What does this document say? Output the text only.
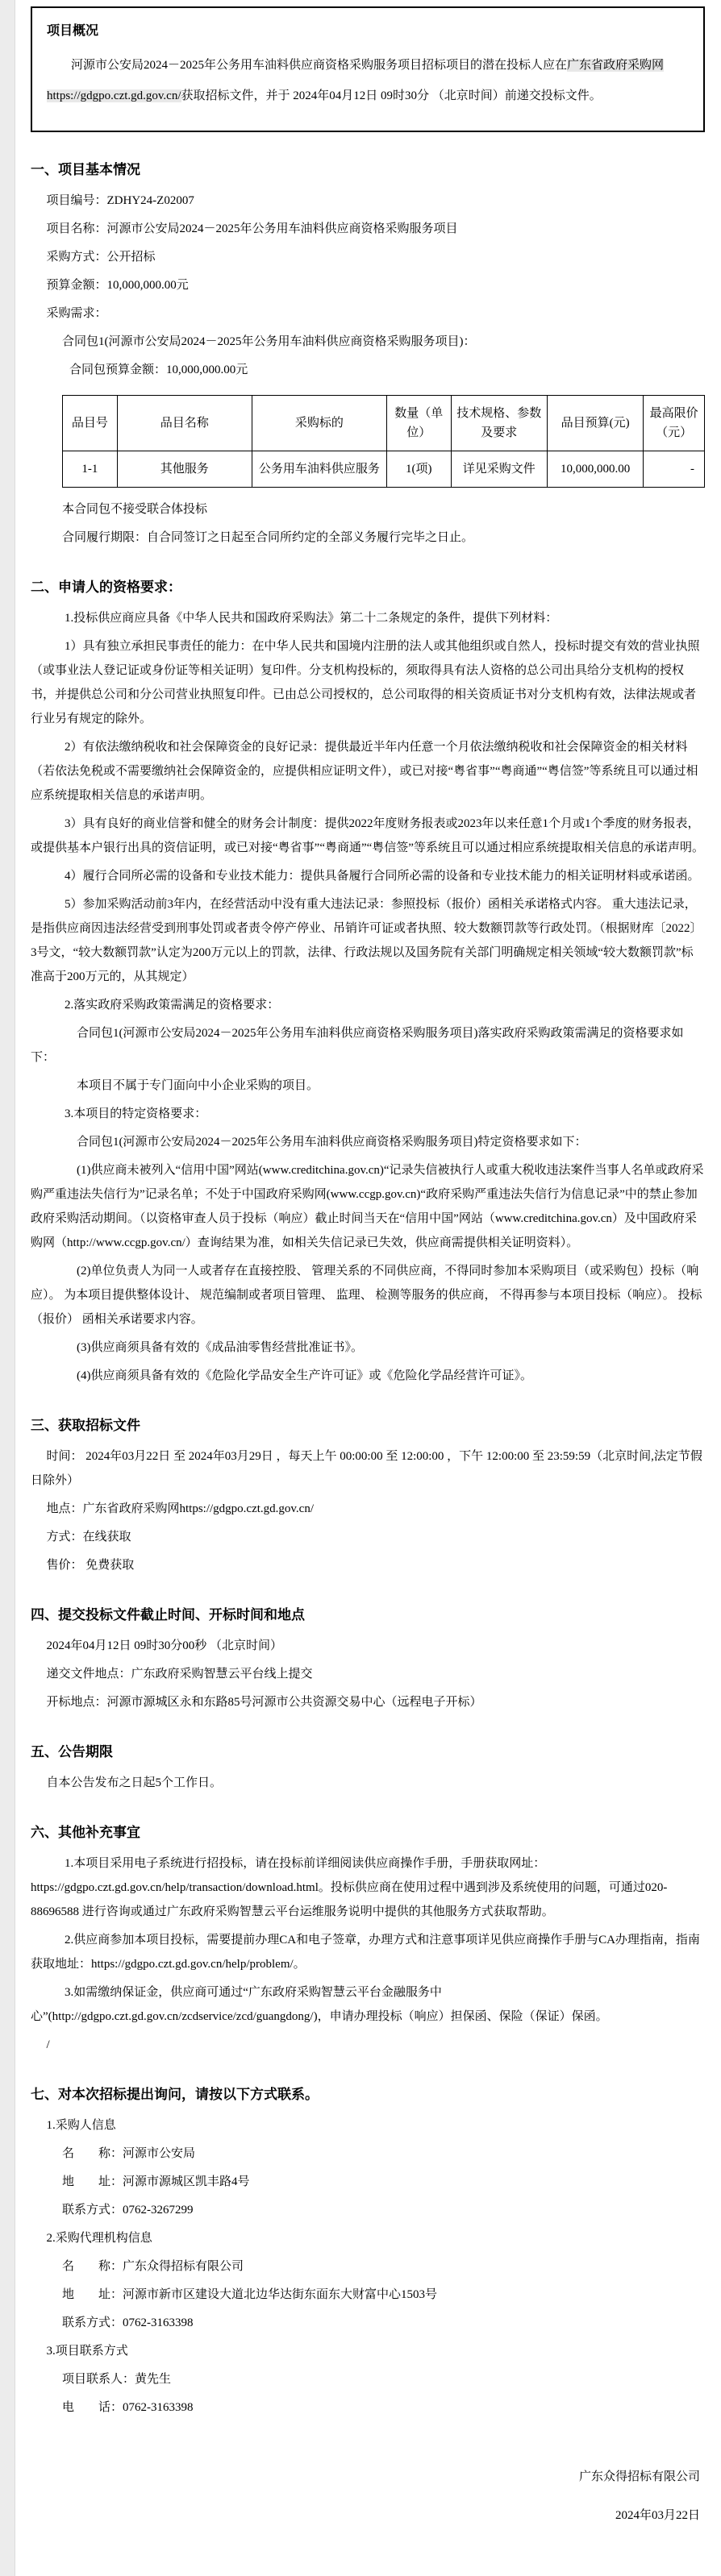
项目概况

河源市公安局2024－2025年公务用车油料供应商资格采购服务项目招标项目的潜在投标人应在广东省政府采购网https://gdgpo.czt.gd.gov.cn/获取招标文件，并于 2024年04月12日 09时30分 （北京时间）前递交投标文件。

一、项目基本情况

项目编号：ZDHY24-Z02007

项目名称：河源市公安局2024－2025年公务用车油料供应商资格采购服务项目

采购方式：公开招标

预算金额：10,000,000.00元

采购需求：

合同包1(河源市公安局2024－2025年公务用车油料供应商资格采购服务项目)：

合同包预算金额：10,000,000.00元

品目号	品目名称	采购标的	数量（单位）	技术规格、参数及要求	品目预算(元)	最高限价（元）
1-1	其他服务	公务用车油料供应服务	1(项)	详见采购文件	10,000,000.00	-

本合同包不接受联合体投标

合同履行期限：自合同签订之日起至合同所约定的全部义务履行完毕之日止。

二、申请人的资格要求：

1.投标供应商应具备《中华人民共和国政府采购法》第二十二条规定的条件，提供下列材料：

1）具有独立承担民事责任的能力：在中华人民共和国境内注册的法人或其他组织或自然人，投标时提交有效的营业执照（或事业法人登记证或身份证等相关证明）复印件。分支机构投标的，须取得具有法人资格的总公司出具给分支机构的授权书，并提供总公司和分公司营业执照复印件。已由总公司授权的，总公司取得的相关资质证书对分支机构有效，法律法规或者行业另有规定的除外。

2）有依法缴纳税收和社会保障资金的良好记录：提供最近半年内任意一个月依法缴纳税收和社会保障资金的相关材料（若依法免税或不需要缴纳社会保障资金的，应提供相应证明文件），或已对接“粤省事”“粤商通”“粤信签”等系统且可以通过相应系统提取相关信息的承诺声明。

3）具有良好的商业信誉和健全的财务会计制度：提供2022年度财务报表或2023年以来任意1个月或1个季度的财务报表，或提供基本户银行出具的资信证明，或已对接“粤省事”“粤商通”“粤信签”等系统且可以通过相应系统提取相关信息的承诺声明。

4）履行合同所必需的设备和专业技术能力：提供具备履行合同所必需的设备和专业技术能力的相关证明材料或承诺函。

5）参加采购活动前3年内，在经营活动中没有重大违法记录：参照投标（报价）函相关承诺格式内容。 重大违法记录，是指供应商因违法经营受到刑事处罚或者责令停产停业、吊销许可证或者执照、较大数额罚款等行政处罚。（根据财库〔2022〕3号文，“较大数额罚款”认定为200万元以上的罚款，法律、行政法规以及国务院有关部门明确规定相关领域“较大数额罚款”标准高于200万元的，从其规定）

2.落实政府采购政策需满足的资格要求：

合同包1(河源市公安局2024－2025年公务用车油料供应商资格采购服务项目)落实政府采购政策需满足的资格要求如下：

本项目不属于专门面向中小企业采购的项目。

3.本项目的特定资格要求：

合同包1(河源市公安局2024－2025年公务用车油料供应商资格采购服务项目)特定资格要求如下：

(1)供应商未被列入“信用中国”网站(www.creditchina.gov.cn)“记录失信被执行人或重大税收违法案件当事人名单或政府采购严重违法失信行为”记录名单；不处于中国政府采购网(www.ccgp.gov.cn)“政府采购严重违法失信行为信息记录”中的禁止参加政府采购活动期间。（以资格审查人员于投标（响应）截止时间当天在“信用中国”网站（www.creditchina.gov.cn）及中国政府采购网（http://www.ccgp.gov.cn/）查询结果为准，如相关失信记录已失效，供应商需提供相关证明资料）。

(2)单位负责人为同一人或者存在直接控股、 管理关系的不同供应商，不得同时参加本采购项目（或采购包）投标（响应）。 为本项目提供整体设计、 规范编制或者项目管理、 监理、 检测等服务的供应商， 不得再参与本项目投标（响应）。 投标（报价） 函相关承诺要求内容。

(3)供应商须具备有效的《成品油零售经营批准证书》。

(4)供应商须具备有效的《危险化学品安全生产许可证》或《危险化学品经营许可证》。

三、获取招标文件

时间： 2024年03月22日 至 2024年03月29日 ，每天上午 00:00:00 至 12:00:00 ，下午 12:00:00 至 23:59:59（北京时间,法定节假日除外）

地点：广东省政府采购网https://gdgpo.czt.gd.gov.cn/

方式：在线获取

售价： 免费获取

四、提交投标文件截止时间、开标时间和地点

2024年04月12日 09时30分00秒 （北京时间）

递交文件地点：广东政府采购智慧云平台线上提交

开标地点：河源市源城区永和东路85号河源市公共资源交易中心（远程电子开标）

五、公告期限

自本公告发布之日起5个工作日。

六、其他补充事宜

1.本项目采用电子系统进行招投标，请在投标前详细阅读供应商操作手册，手册获取网址：https://gdgpo.czt.gd.gov.cn/help/transaction/download.html。投标供应商在使用过程中遇到涉及系统使用的问题，可通过020-88696588 进行咨询或通过广东政府采购智慧云平台运维服务说明中提供的其他服务方式获取帮助。

2.供应商参加本项目投标，需要提前办理CA和电子签章，办理方式和注意事项详见供应商操作手册与CA办理指南，指南获取地址：https://gdgpo.czt.gd.gov.cn/help/problem/。

3.如需缴纳保证金，供应商可通过“广东政府采购智慧云平台金融服务中心”(http://gdgpo.czt.gd.gov.cn/zcdservice/zcd/guangdong/)，申请办理投标（响应）担保函、保险（保证）保函。

/

七、对本次招标提出询问，请按以下方式联系。

1.采购人信息

名　　称：河源市公安局

地　　址：河源市源城区凯丰路4号

联系方式：0762-3267299

2.采购代理机构信息

名　　称：广东众得招标有限公司

地　　址：河源市新市区建设大道北边华达街东面东大财富中心1503号

联系方式：0762-3163398

3.项目联系方式

项目联系人：黄先生

电　　话：0762-3163398

广东众得招标有限公司

2024年03月22日
